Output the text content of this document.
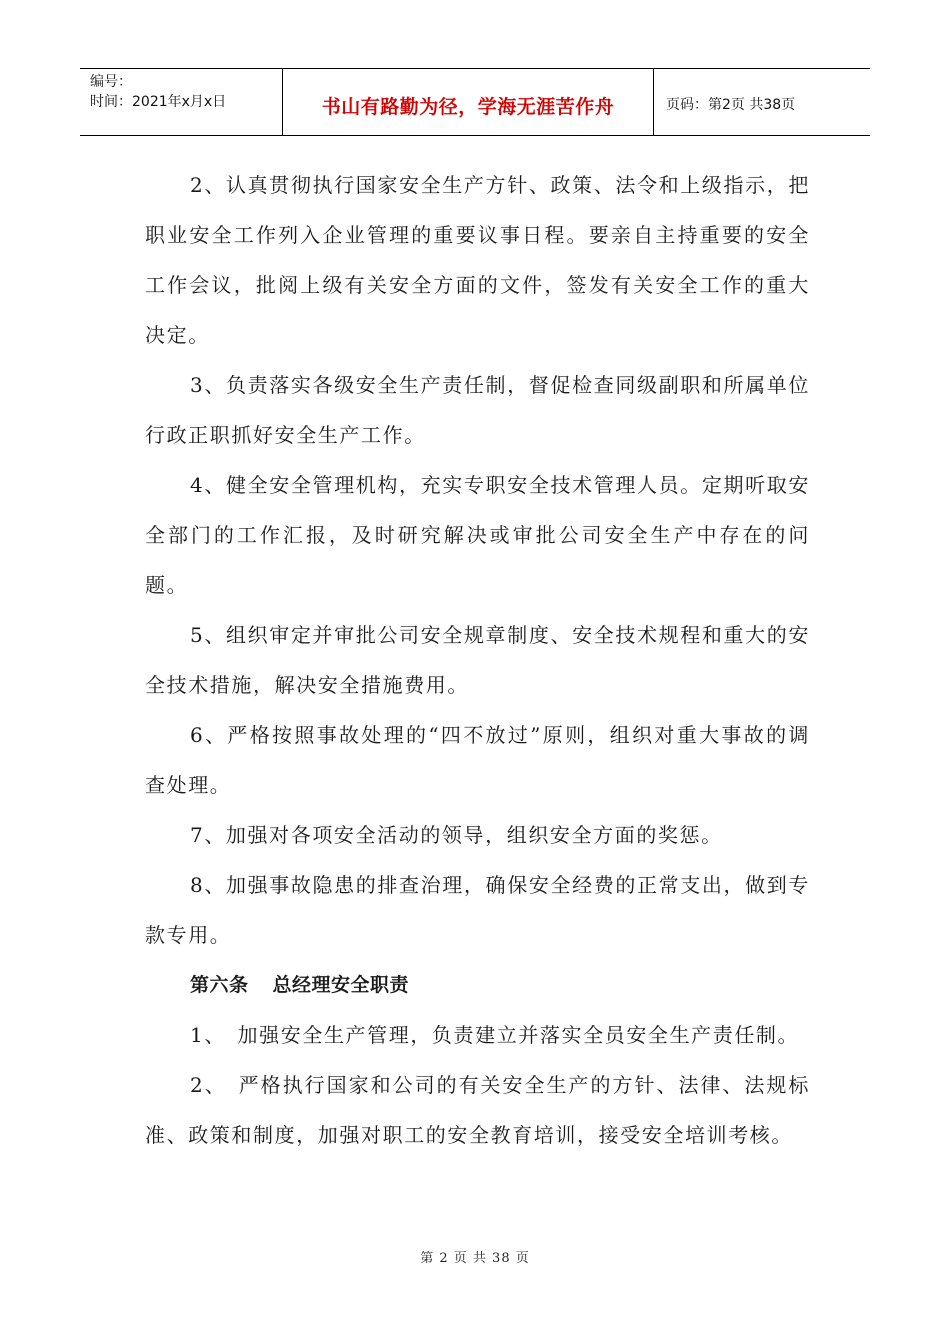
编号：
时间：2021年x月x日	书山有路勤为径，学海无涯苦作舟	页码：第2页 共38页

2、认真贯彻执行国家安全生产方针、政策、法令和上级指示，把职业安全工作列入企业管理的重要议事日程。要亲自主持重要的安全工作会议，批阅上级有关安全方面的文件，签发有关安全工作的重大决定。

3、负责落实各级安全生产责任制，督促检查同级副职和所属单位行政正职抓好安全生产工作。

4、健全安全管理机构，充实专职安全技术管理人员。定期听取安全部门的工作汇报，及时研究解决或审批公司安全生产中存在的问题。

5、组织审定并审批公司安全规章制度、安全技术规程和重大的安全技术措施，解决安全措施费用。

6、严格按照事故处理的“四不放过”原则，组织对重大事故的调查处理。

7、加强对各项安全活动的领导，组织安全方面的奖惩。

8、加强事故隐患的排查治理，确保安全经费的正常支出，做到专款专用。

第六条 总经理安全职责

1、　加强安全生产管理，负责建立并落实全员安全生产责任制。

2、　严格执行国家和公司的有关安全生产的方针、法律、法规标准、政策和制度，加强对职工的安全教育培训，接受安全培训考核。

第 2 页 共 38 页
